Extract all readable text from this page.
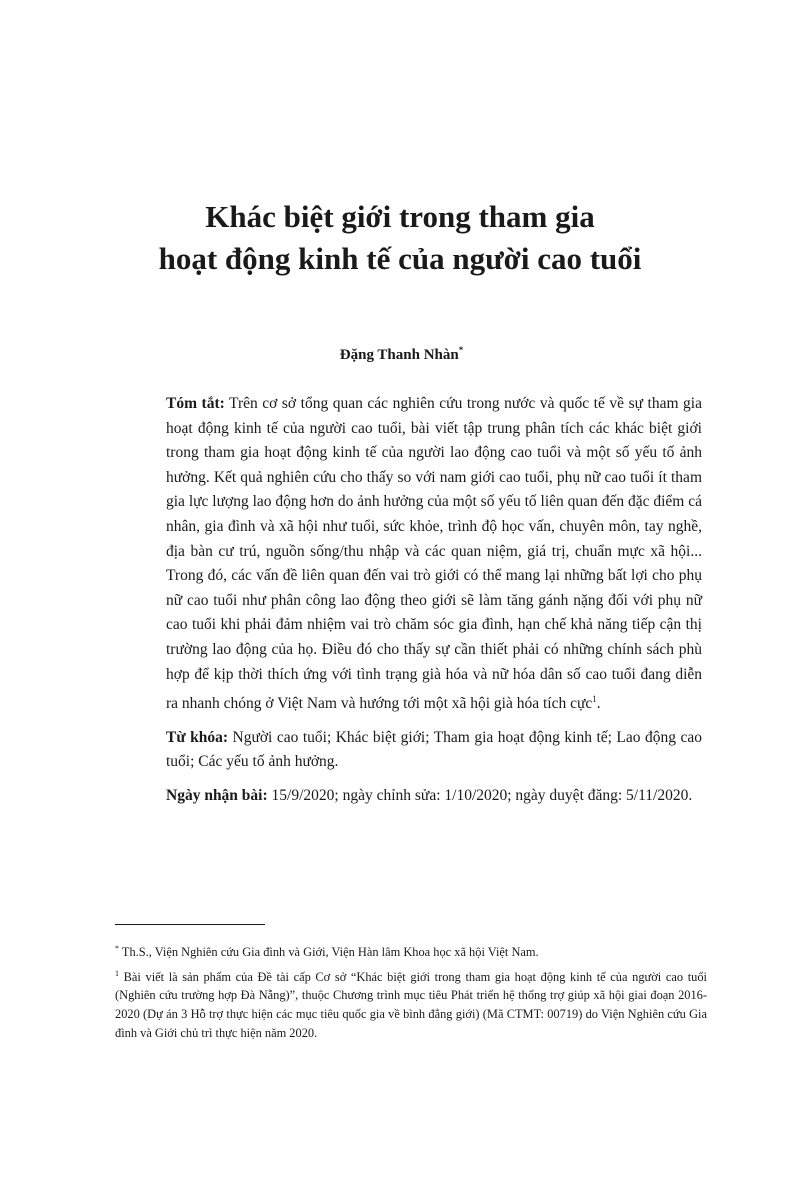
Khác biệt giới trong tham gia
hoạt động kinh tế của người cao tuổi
Đặng Thanh Nhàn*

Tóm tắt: Trên cơ sở tổng quan các nghiên cứu trong nước và quốc tế về sự tham gia hoạt động kinh tế của người cao tuổi, bài viết tập trung phân tích các khác biệt giới trong tham gia hoạt động kinh tế của người lao động cao tuổi và một số yếu tố ảnh hưởng. Kết quả nghiên cứu cho thấy so với nam giới cao tuổi, phụ nữ cao tuổi ít tham gia lực lượng lao động hơn do ảnh hưởng của một số yếu tố liên quan đến đặc điểm cá nhân, gia đình và xã hội như tuổi, sức khỏe, trình độ học vấn, chuyên môn, tay nghề, địa bàn cư trú, nguồn sống/thu nhập và các quan niệm, giá trị, chuẩn mực xã hội... Trong đó, các vấn đề liên quan đến vai trò giới có thể mang lại những bất lợi cho phụ nữ cao tuổi như phân công lao động theo giới sẽ làm tăng gánh nặng đối với phụ nữ cao tuổi khi phải đảm nhiệm vai trò chăm sóc gia đình, hạn chế khả năng tiếp cận thị trường lao động của họ. Điều đó cho thấy sự cần thiết phải có những chính sách phù hợp để kịp thời thích ứng với tình trạng già hóa và nữ hóa dân số cao tuổi đang diễn ra nhanh chóng ở Việt Nam và hướng tới một xã hội già hóa tích cực$^1$.

Từ khóa: Người cao tuổi; Khác biệt giới; Tham gia hoạt động kinh tế; Lao động cao tuổi; Các yếu tố ảnh hưởng.

Ngày nhận bài: 15/9/2020; ngày chỉnh sửa: 1/10/2020; ngày duyệt đăng: 5/11/2020.

* Th.S., Viện Nghiên cứu Gia đình và Giới, Viện Hàn lâm Khoa học xã hội Việt Nam.

$^1$ Bài viết là sản phẩm của Đề tài cấp Cơ sở “Khác biệt giới trong tham gia hoạt động kinh tế của người cao tuổi (Nghiên cứu trường hợp Đà Nẵng)”, thuộc Chương trình mục tiêu Phát triển hệ thống trợ giúp xã hội giai đoạn 2016-2020 (Dự án 3 Hỗ trợ thực hiện các mục tiêu quốc gia về bình đẳng giới) (Mã CTMT: 00719) do Viện Nghiên cứu Gia đình và Giới chủ trì thực hiện năm 2020.
